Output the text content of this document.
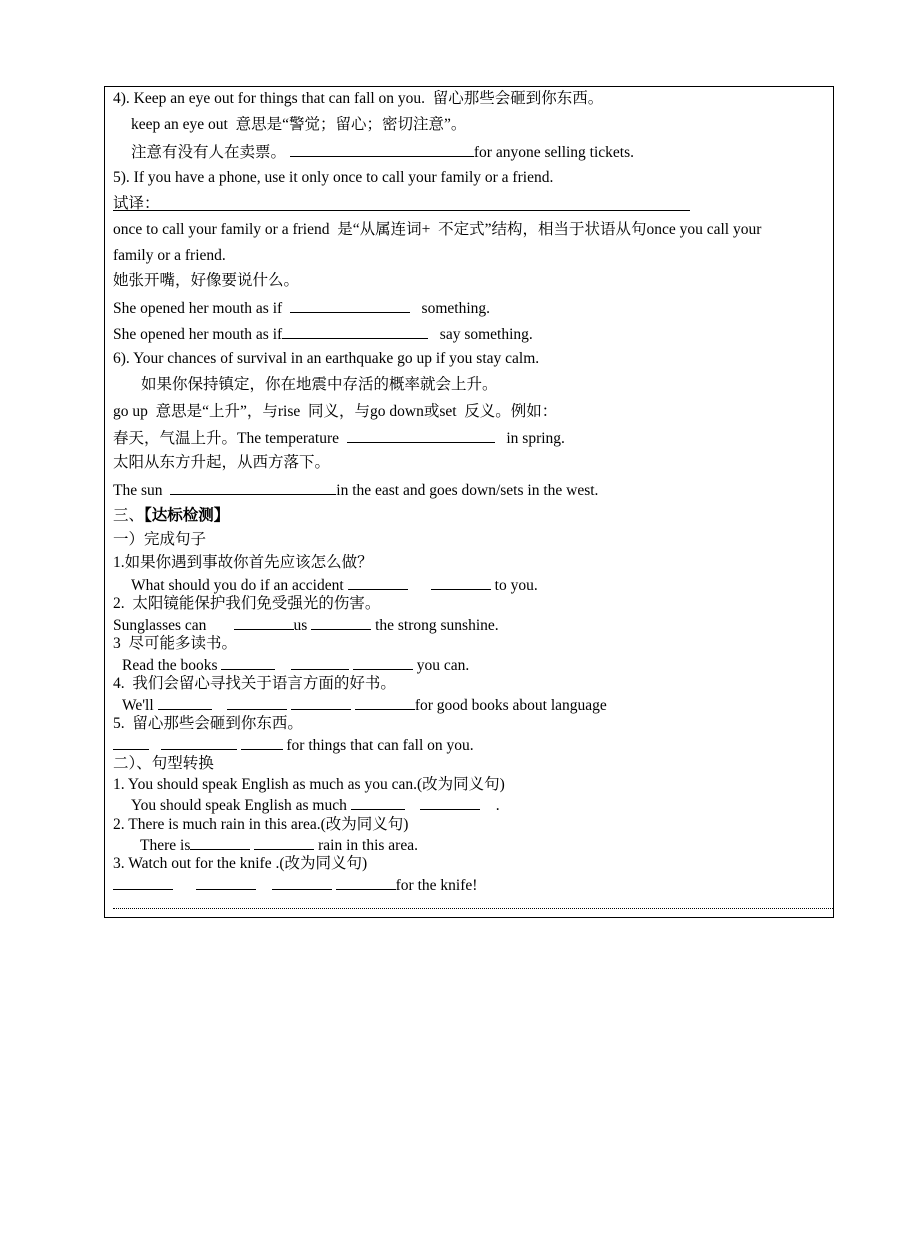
4). Keep an eye out for things that can fall on you.  留心那些会砸到你东西。
keep an eye out  意思是“警觉；留心；密切注意”。
注意有没有人在卖票。	for anyone selling tickets.
5). If you have a phone, use it only once to call your family or a friend.
试译：
once to call your family or a friend  是“从属连词+  不定式”结构，相当于状语从句once you call your
family or a friend.
她张开嘴，好像要说什么。
She opened her mouth as if	something.
She opened her mouth as if	say something.
6). Your chances of survival in an earthquake go up if you stay calm.
如果你保持镇定，你在地震中存活的概率就会上升。
go up  意思是“上升”，与rise  同义，与go down或set  反义。例如：
春天，气温上升。The temperature	in spring.
太阳从东方升起，从西方落下。
The sun	in the east and goes down/sets in the west.
三、【达标检测】
一）完成句子
1.如果你遇到事故你首先应该怎么做？
What should you do if an accident	to you.
2.  太阳镜能保护我们免受强光的伤害。
Sunglasses can	us	the strong sunshine.
3  尽可能多读书。
Read the books	you can.
4.  我们会留心寻找关于语言方面的好书。
We'll	for good books about language
5.  留心那些会砸到你东西。
for things that can fall on you.
二）、句型转换
1. You should speak English as much as you can.(改为同义句)
You should speak English as much	.
2. There is much rain in this area.(改为同义句)
There is	rain in this area.
3. Watch out for the knife .(改为同义句)
for the knife!
